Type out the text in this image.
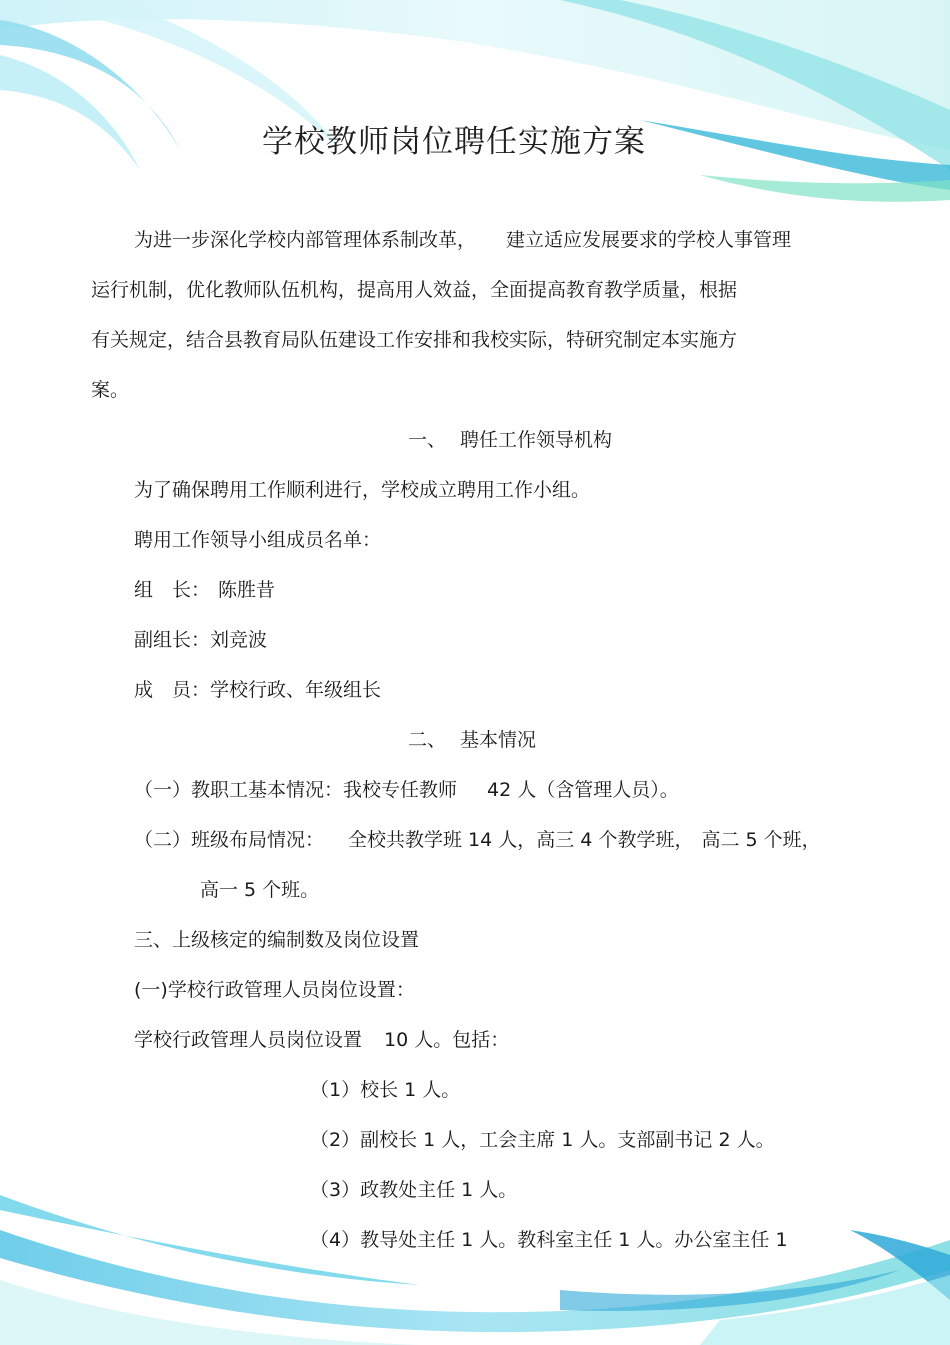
学校教师岗位聘任实施方案
为进一步深化学校内部管理体系制改革， 建立适应发展要求的学校人事管理
运行机制，优化教师队伍机构，提高用人效益，全面提高教育教学质量，根据
有关规定，结合县教育局队伍建设工作安排和我校实际，特研究制定本实施方
案。
一、 聘任工作领导机构
为了确保聘用工作顺利进行，学校成立聘用工作小组。
聘用工作领导小组成员名单：
组　长： 陈胜昔
副组长：刘竞波
成　员：学校行政、年级组长
二、 基本情况
（一）教职工基本情况：我校专任教师 42 人（含管理人员）。
（二）班级布局情况： 全校共教学班 14 人，高三 4 个教学班， 高二 5 个班，
高一 5 个班。
三、上级核定的编制数及岗位设置
(一)学校行政管理人员岗位设置：
学校行政管理人员岗位设置 10 人。包括：
（1）校长 1 人。
（2）副校长 1 人，工会主席 1 人。支部副书记 2 人。
（3）政教处主任 1 人。
（4）教导处主任 1 人。教科室主任 1 人。办公室主任 1
